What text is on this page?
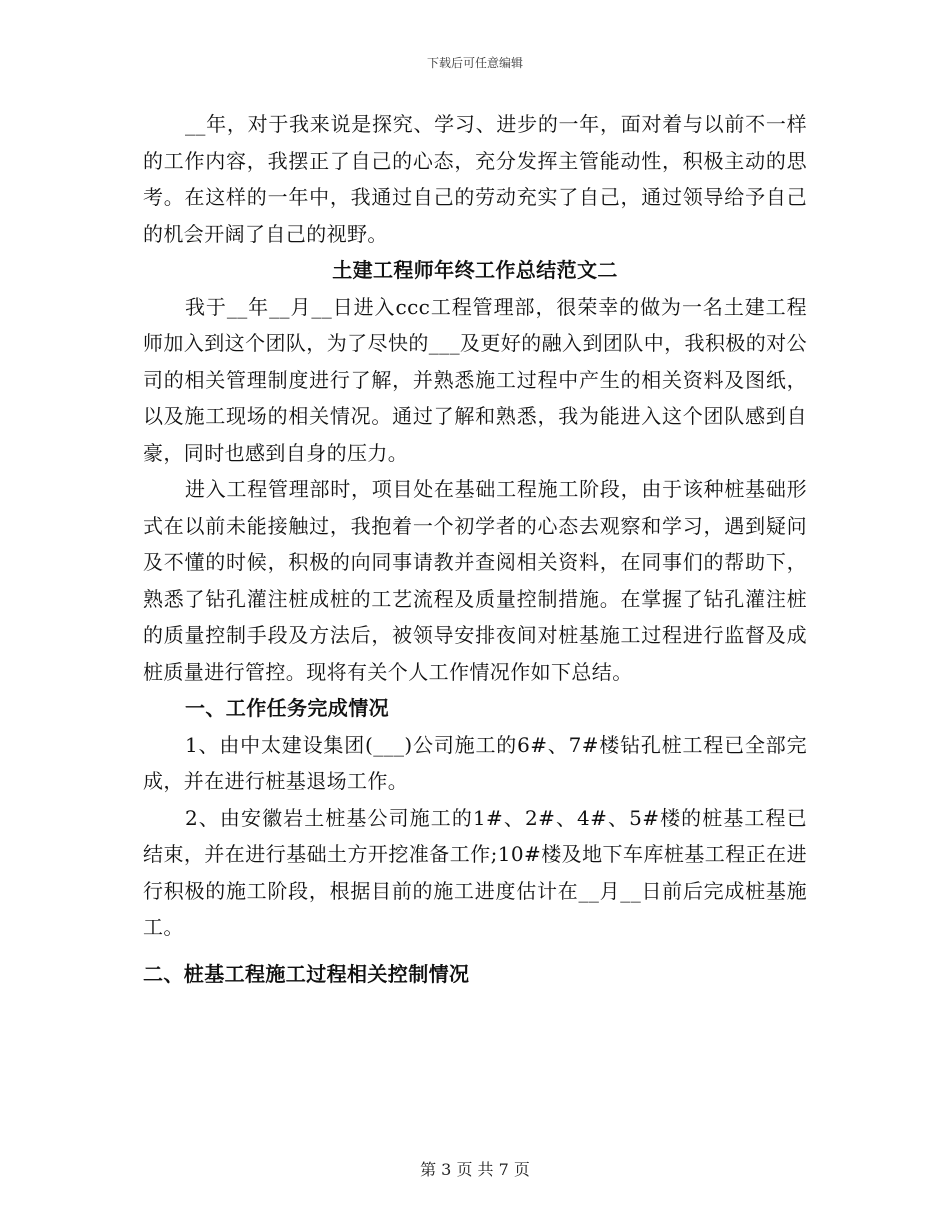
下载后可任意编辑

__年，对于我来说是探究、学习、进步的一年，面对着与以前不一样的工作内容，我摆正了自己的心态，充分发挥主管能动性，积极主动的思考。在这样的一年中，我通过自己的劳动充实了自己，通过领导给予自己的机会开阔了自己的视野。

土建工程师年终工作总结范文二

我于__年__月__日进入ccc工程管理部，很荣幸的做为一名土建工程师加入到这个团队，为了尽快的___及更好的融入到团队中，我积极的对公司的相关管理制度进行了解，并熟悉施工过程中产生的相关资料及图纸，以及施工现场的相关情况。通过了解和熟悉，我为能进入这个团队感到自豪，同时也感到自身的压力。

进入工程管理部时，项目处在基础工程施工阶段，由于该种桩基础形式在以前未能接触过，我抱着一个初学者的心态去观察和学习，遇到疑问及不懂的时候，积极的向同事请教并查阅相关资料，在同事们的帮助下，熟悉了钻孔灌注桩成桩的工艺流程及质量控制措施。在掌握了钻孔灌注桩的质量控制手段及方法后，被领导安排夜间对桩基施工过程进行监督及成桩质量进行管控。现将有关个人工作情况作如下总结。

一、工作任务完成情况

1、由中太建设集团(___)公司施工的6#、7#楼钻孔桩工程已全部完成，并在进行桩基退场工作。

2、由安徽岩土桩基公司施工的1#、2#、4#、5#楼的桩基工程已结束，并在进行基础土方开挖准备工作;10#楼及地下车库桩基工程正在进行积极的施工阶段，根据目前的施工进度估计在__月__日前后完成桩基施工。

二、桩基工程施工过程相关控制情况

第 3 页 共 7 页
